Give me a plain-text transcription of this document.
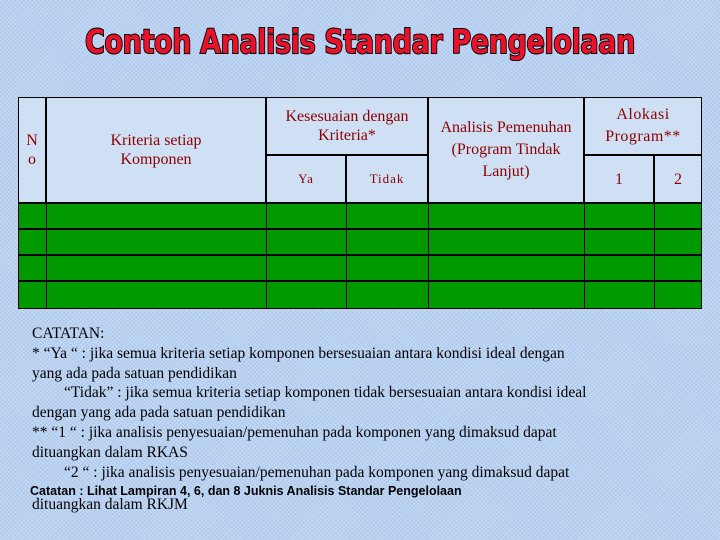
Contoh Analisis Standar Pengelolaan
N o
Kriteria setiap Komponen
Kesesuaian dengan Kriteria*
Ya	Tidak
Analisis Pemenuhan (Program Tindak Lanjut)
Alokasi Program**
1	2
CATATAN:
* “Ya “ : jika semua kriteria setiap komponen bersesuaian antara kondisi ideal dengan
yang ada pada satuan pendidikan
“Tidak” : jika semua kriteria setiap komponen tidak bersesuaian antara kondisi ideal
dengan yang ada pada satuan pendidikan
** “1 “ : jika analisis penyesuaian/pemenuhan pada komponen yang dimaksud dapat
dituangkan dalam RKAS
“2 “ : jika analisis penyesuaian/pemenuhan pada komponen yang dimaksud dapat
Catatan : Lihat Lampiran 4, 6, dan 8 Juknis Analisis Standar Pengelolaan
dituangkan dalam RKJM
